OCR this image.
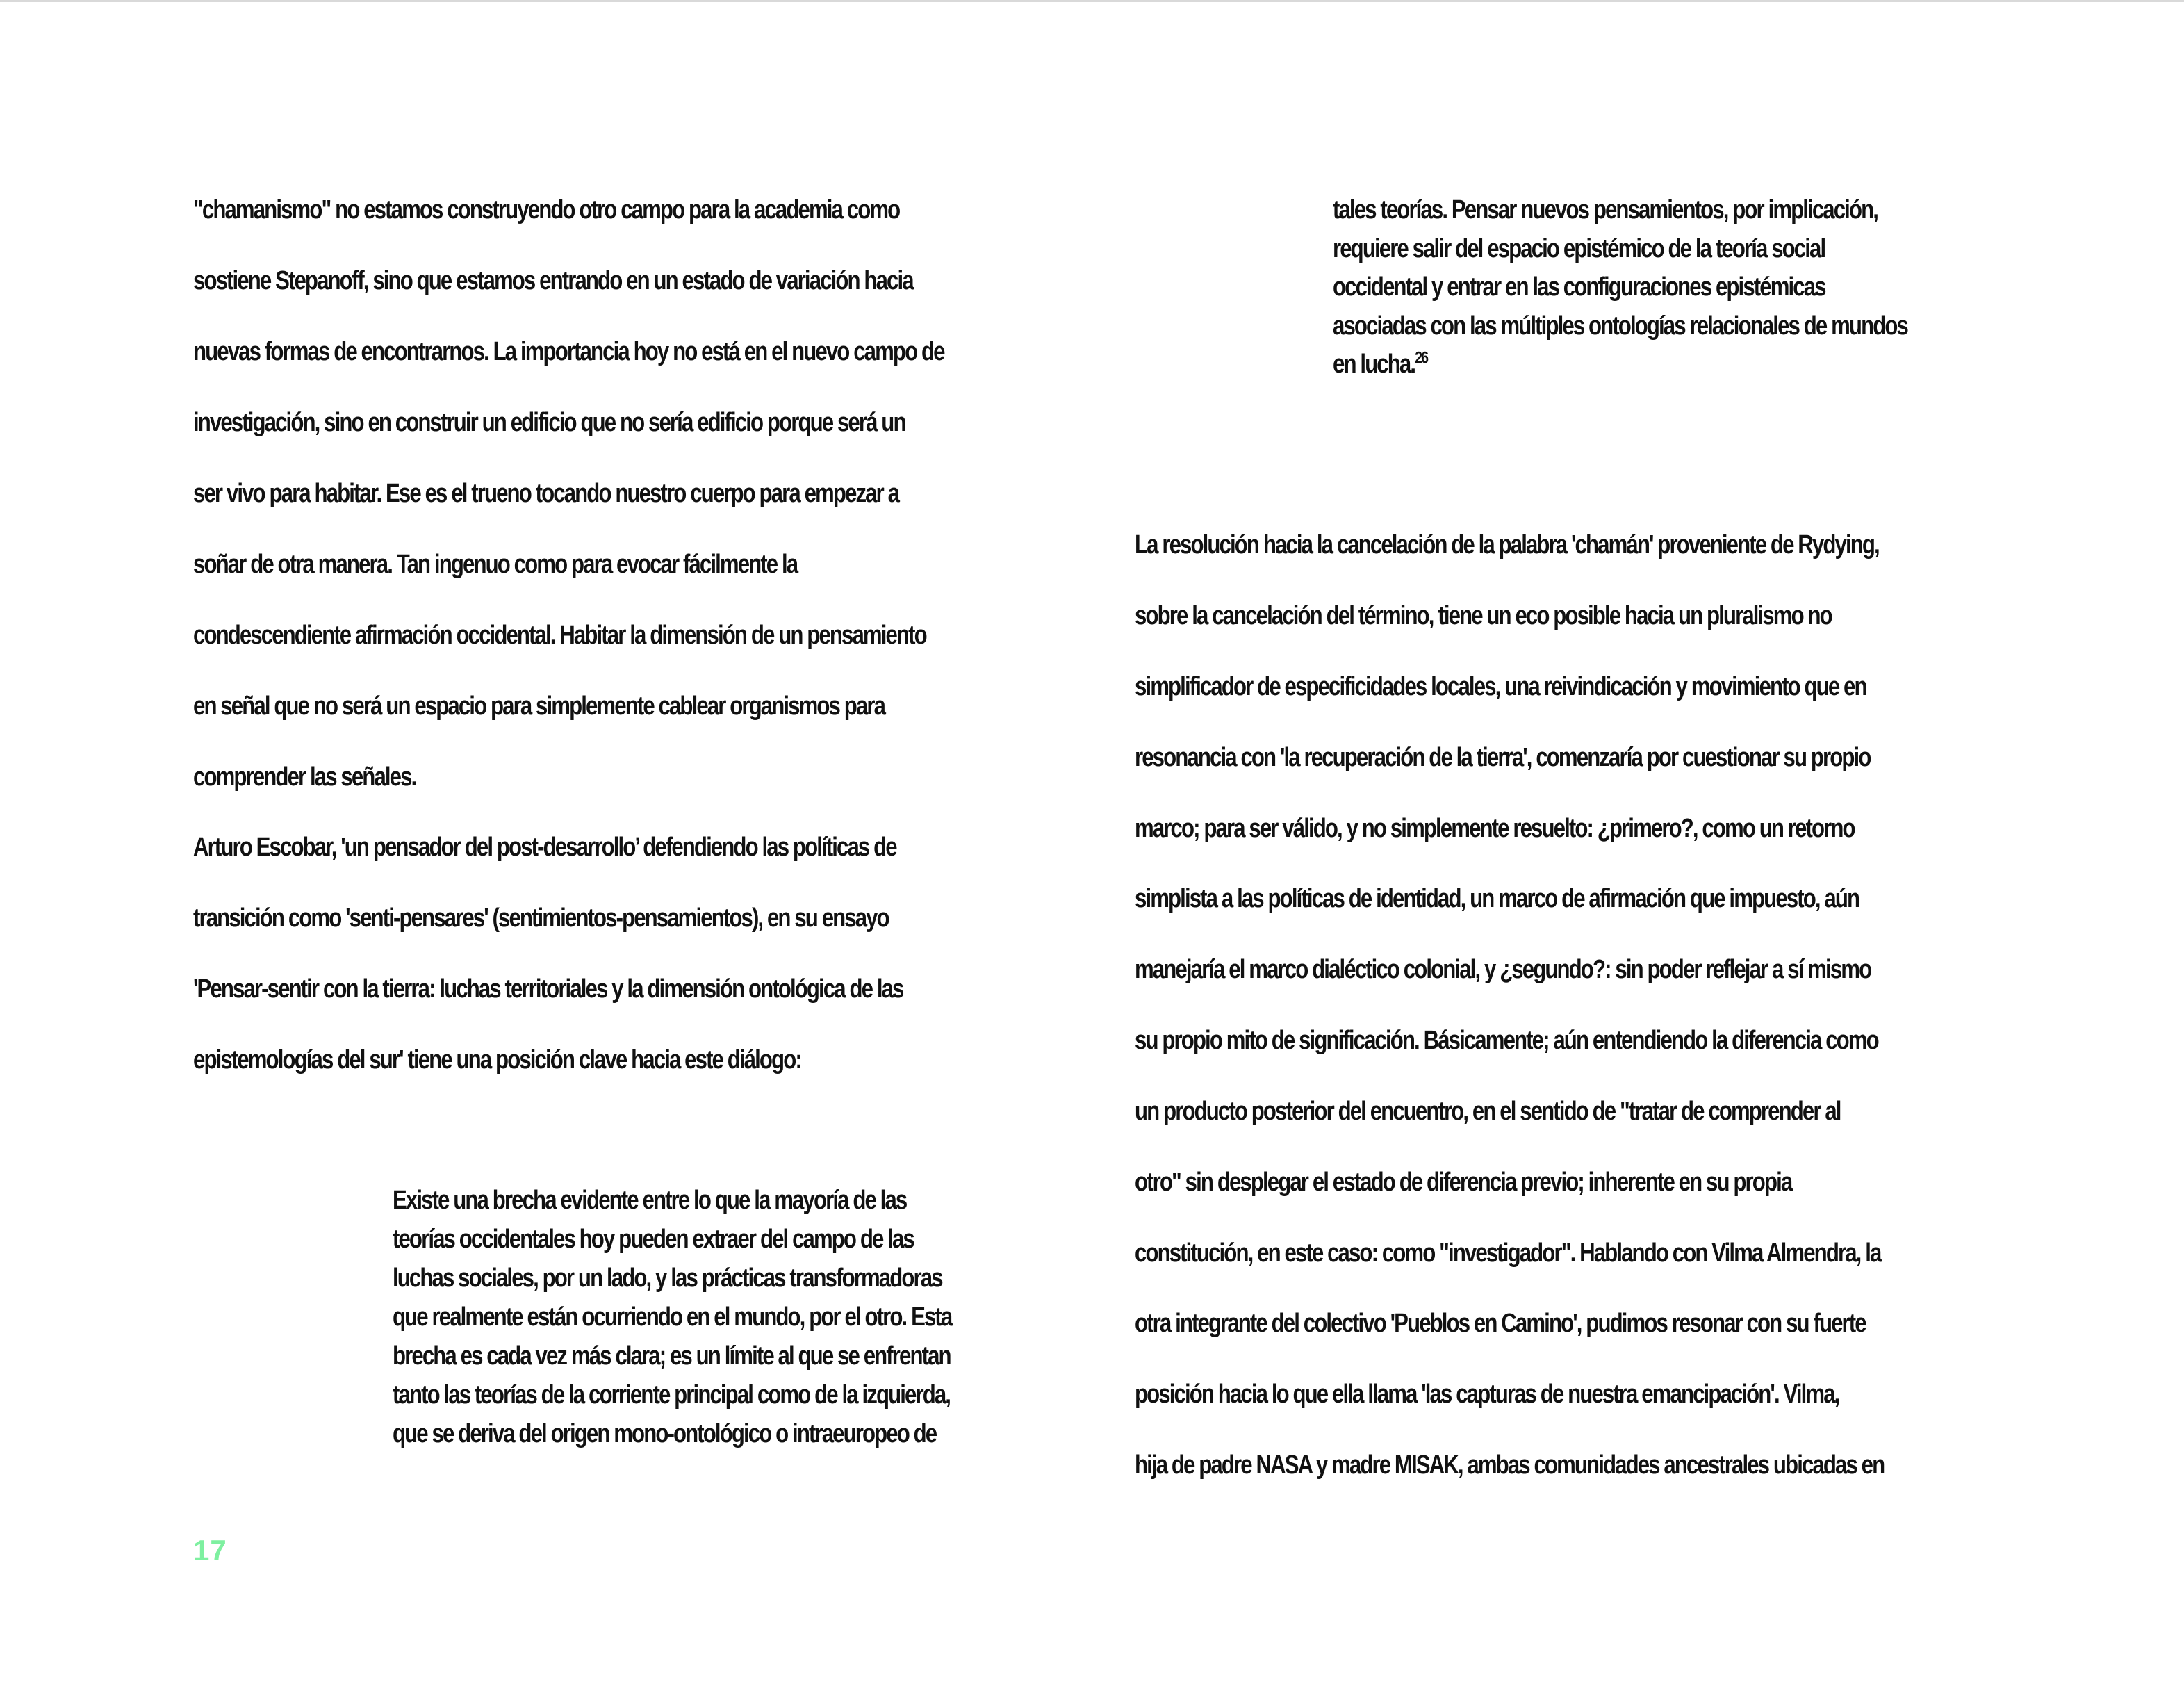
"chamanismo" no estamos construyendo otro campo para la academia como
sostiene Stepanoff, sino que estamos entrando en un estado de variación hacia
nuevas formas de encontrarnos. La importancia hoy no está en el nuevo campo de
investigación, sino en construir un edificio que no sería edificio porque será un
ser vivo para habitar. Ese es el trueno tocando nuestro cuerpo para empezar a
soñar de otra manera. Tan ingenuo como para evocar fácilmente la
condescendiente afirmación occidental. Habitar la dimensión de un pensamiento
en señal que no será un espacio para simplemente cablear organismos para
comprender las señales.
Arturo Escobar, 'un pensador del post-desarrollo’ defendiendo las políticas de
transición como 'senti-pensares' (sentimientos-pensamientos), en su ensayo
'Pensar-sentir con la tierra: luchas territoriales y la dimensión ontológica de las
epistemologías del sur' tiene una posición clave hacia este diálogo:
Existe una brecha evidente entre lo que la mayoría de las
teorías occidentales hoy pueden extraer del campo de las
luchas sociales, por un lado, y las prácticas transformadoras
que realmente están ocurriendo en el mundo, por el otro. Esta
brecha es cada vez más clara; es un límite al que se enfrentan
tanto las teorías de la corriente principal como de la izquierda,
que se deriva del origen mono-ontológico o intraeuropeo de
tales teorías. Pensar nuevos pensamientos, por implicación,
requiere salir del espacio epistémico de la teoría social
occidental y entrar en las configuraciones epistémicas
asociadas con las múltiples ontologías relacionales de mundos
en lucha.$^{26}$
La resolución hacia la cancelación de la palabra 'chamán' proveniente de Rydying,
sobre la cancelación del término, tiene un eco posible hacia un pluralismo no
simplificador de especificidades locales, una reivindicación y movimiento que en
resonancia con 'la recuperación de la tierra', comenzaría por cuestionar su propio
marco; para ser válido, y no simplemente resuelto: ¿primero?, como un retorno
simplista a las políticas de identidad, un marco de afirmación que impuesto, aún
manejaría el marco dialéctico colonial, y ¿segundo?: sin poder reflejar a sí mismo
su propio mito de significación. Básicamente; aún entendiendo la diferencia como
un producto posterior del encuentro, en el sentido de "tratar de comprender al
otro" sin desplegar el estado de diferencia previo; inherente en su propia
constitución, en este caso: como "investigador". Hablando con Vilma Almendra, la
otra integrante del colectivo 'Pueblos en Camino', pudimos resonar con su fuerte
posición hacia lo que ella llama 'las capturas de nuestra emancipación'. Vilma,
hija de padre NASA y madre MISAK, ambas comunidades ancestrales ubicadas en
17
